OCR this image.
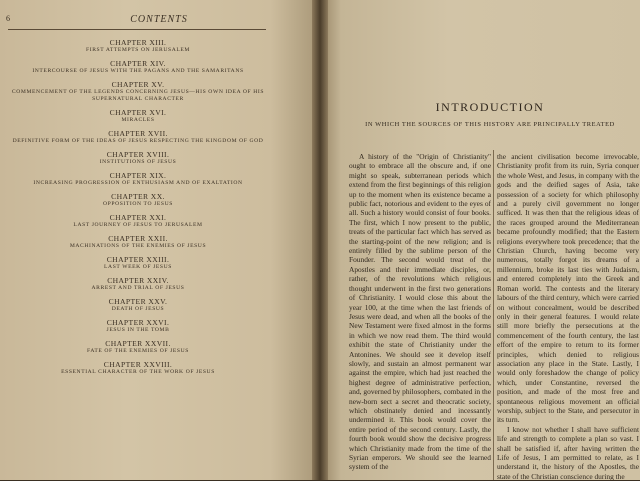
6	CONTENTS
CHAPTER XIII.
FIRST ATTEMPTS ON JERUSALEM
CHAPTER XIV.
INTERCOURSE OF JESUS WITH THE PAGANS AND THE SAMARITANS
CHAPTER XV.
COMMENCEMENT OF THE LEGENDS CONCERNING JESUS—HIS OWN IDEA OF HIS SUPERNATURAL CHARACTER
CHAPTER XVI.
MIRACLES
CHAPTER XVII.
DEFINITIVE FORM OF THE IDEAS OF JESUS RESPECTING THE KINGDOM OF GOD
CHAPTER XVIII.
INSTITUTIONS OF JESUS
CHAPTER XIX.
INCREASING PROGRESSION OF ENTHUSIASM AND OF EXALTATION
CHAPTER XX.
OPPOSITION TO JESUS
CHAPTER XXI.
LAST JOURNEY OF JESUS TO JERUSALEM
CHAPTER XXII.
MACHINATIONS OF THE ENEMIES OF JESUS
CHAPTER XXIII.
LAST WEEK OF JESUS
CHAPTER XXIV.
ARREST AND TRIAL OF JESUS
CHAPTER XXV.
DEATH OF JESUS
CHAPTER XXVI.
JESUS IN THE TOMB
CHAPTER XXVII.
FATE OF THE ENEMIES OF JESUS
CHAPTER XXVIII.
ESSENTIAL CHARACTER OF THE WORK OF JESUS
INTRODUCTION
IN WHICH THE SOURCES OF THIS HISTORY ARE PRINCIPALLY TREATED

A history of the "Origin of Christianity" ought to embrace all the obscure and, if one might so speak, subterranean periods which extend from the first beginnings of this religion up to the moment when its existence became a public fact, notorious and evident to the eyes of all. Such a history would consist of four books. The first, which I now present to the public, treats of the particular fact which has served as the starting-point of the new religion; and is entirely filled by the sublime person of the Founder. The second would treat of the Apostles and their immediate disciples, or, rather, of the revolutions which religious thought underwent in the first two generations of Christianity. I would close this about the year 100, at the time when the last friends of Jesus were dead, and when all the books of the New Testament were fixed almost in the forms in which we now read them. The third would exhibit the state of Christianity under the Antonines. We should see it develop itself slowly, and sustain an almost permanent war against the empire, which had just reached the highest degree of administrative perfection, and, governed by philosophers, combated in the new-born sect a secret and theocratic society, which obstinately denied and incessantly undermined it. This book would cover the entire period of the second century. Lastly, the fourth book would show the decisive progress which Christianity made from the time of the Syrian emperors. We should see the learned system of the

the ancient civilisation become irrevocable, Christianity profit from its ruin, Syria conquer the whole West, and Jesus, in company with the gods and the deified sages of Asia, take possession of a society for which philosophy and a purely civil government no longer sufficed. It was then that the religious ideas of the races grouped around the Mediterranean became profoundly modified; that the Eastern religions everywhere took precedence; that the Christian Church, having become very numerous, totally forgot its dreams of a millennium, broke its last ties with Judaism, and entered completely into the Greek and Roman world. The contests and the literary labours of the third century, which were carried on without concealment, would be described only in their general features. I would relate still more briefly the persecutions at the commencement of the fourth century, the last effort of the empire to return to its former principles, which denied to religious association any place in the State. Lastly, I would only foreshadow the change of policy which, under Constantine, reversed the position, and made of the most free and spontaneous religious movement an official worship, subject to the State, and persecutor in its turn.

I know not whether I shall have sufficient life and strength to complete a plan so vast. I shall be satisfied if, after having written the Life of Jesus, I am permitted to relate, as I understand it, the history of the Apostles, the state of the Christian conscience during the
